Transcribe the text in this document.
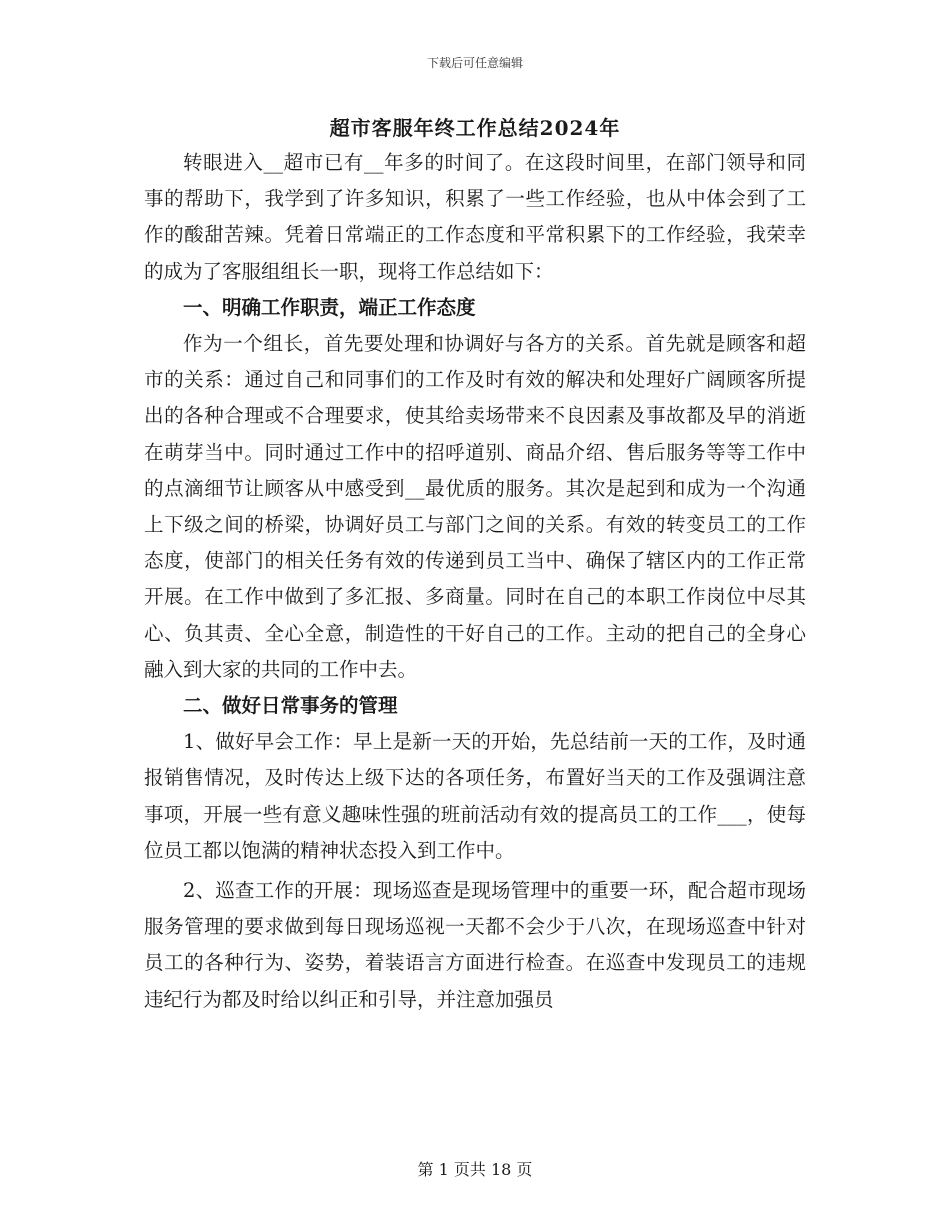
下载后可任意编辑
超市客服年终工作总结2024年

转眼进入__超市已有__年多的时间了。在这段时间里，在部门领导和同事的帮助下，我学到了许多知识，积累了一些工作经验，也从中体会到了工作的酸甜苦辣。凭着日常端正的工作态度和平常积累下的工作经验，我荣幸的成为了客服组组长一职，现将工作总结如下：

一、明确工作职责，端正工作态度

作为一个组长，首先要处理和协调好与各方的关系。首先就是顾客和超市的关系：通过自己和同事们的工作及时有效的解决和处理好广阔顾客所提出的各种合理或不合理要求，使其给卖场带来不良因素及事故都及早的消逝在萌芽当中。同时通过工作中的招呼道别、商品介绍、售后服务等等工作中的点滴细节让顾客从中感受到__最优质的服务。其次是起到和成为一个沟通上下级之间的桥梁，协调好员工与部门之间的关系。有效的转变员工的工作态度，使部门的相关任务有效的传递到员工当中、确保了辖区内的工作正常开展。在工作中做到了多汇报、多商量。同时在自己的本职工作岗位中尽其心、负其责、全心全意，制造性的干好自己的工作。主动的把自己的全身心融入到大家的共同的工作中去。

二、做好日常事务的管理

1、做好早会工作：早上是新一天的开始，先总结前一天的工作，及时通报销售情况，及时传达上级下达的各项任务，布置好当天的工作及强调注意事项，开展一些有意义趣味性强的班前活动有效的提高员工的工作___，使每位员工都以饱满的精神状态投入到工作中。

2、巡查工作的开展：现场巡查是现场管理中的重要一环，配合超市现场服务管理的要求做到每日现场巡视一天都不会少于八次，在现场巡查中针对员工的各种行为、姿势，着装语言方面进行检查。在巡查中发现员工的违规违纪行为都及时给以纠正和引导，并注意加强员

第 1 页共 18 页
